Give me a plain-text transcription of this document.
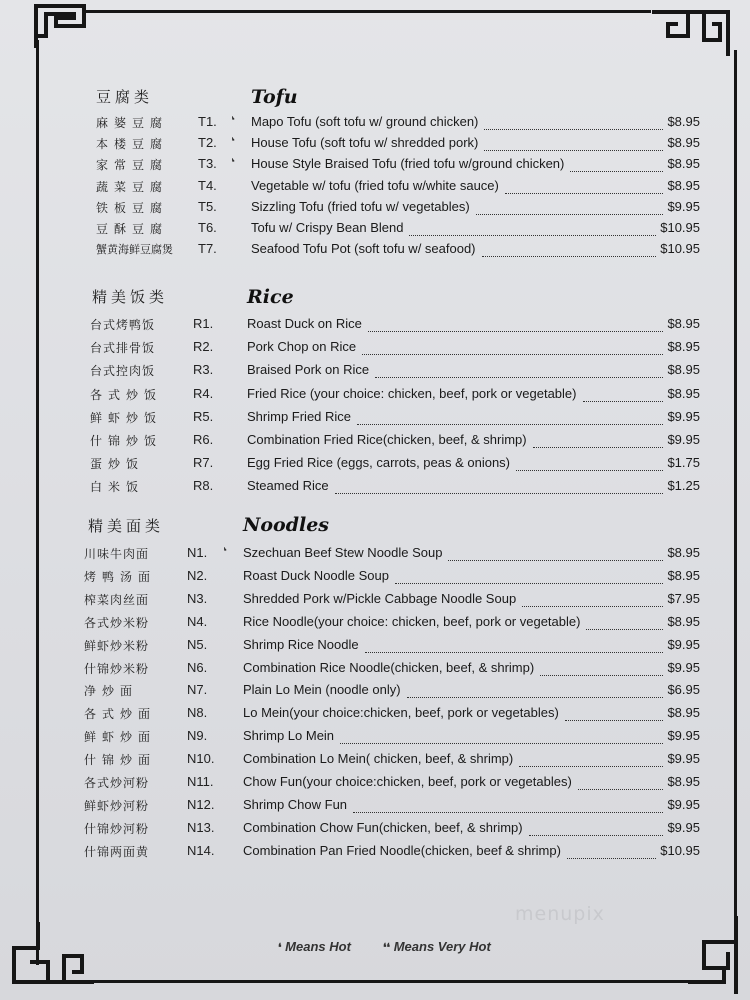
豆腐类	Tofu
麻婆豆腐 T1. ❛ Mapo Tofu (soft tofu w/ ground chicken)	$8.95
本楼豆腐 T2. ❛ House Tofu (soft tofu w/ shredded pork)	$8.95
家常豆腐 T3. ❛ House Style Braised Tofu (fried tofu w/ground chicken)	$8.95
蔬菜豆腐 T4.	Vegetable w/ tofu (fried tofu w/white sauce)	$8.95
铁板豆腐 T5.	Sizzling Tofu (fried tofu w/ vegetables)	$9.95
豆酥豆腐 T6.	Tofu w/ Crispy Bean Blend	$10.95
蟹黄海鲜豆腐煲 T7.	Seafood Tofu Pot (soft tofu w/ seafood)	$10.95
精美饭类	Rice
台式烤鸭饭	R1.	Roast Duck on Rice	$8.95
台式排骨饭	R2.	Pork Chop on Rice	$8.95
台式控肉饭	R3.	Braised Pork on Rice	$8.95
各式炒饭 R4.	Fried Rice (your choice: chicken, beef, pork or vegetable)	$8.95
鲜虾炒饭 R5.	Shrimp Fried Rice	$9.95
什锦炒饭 R6.	Combination Fried Rice(chicken, beef, & shrimp)	$9.95
蛋炒饭	R7.	Egg Fried Rice (eggs, carrots, peas & onions)	$1.75
白米饭	R8.	Steamed Rice	$1.25
精美面类	Noodles
川味牛肉面	N1. ❛ Szechuan Beef Stew Noodle Soup	$8.95
烤鸭汤面 N2.	Roast Duck Noodle Soup	$8.95
榨菜肉丝面	N3.	Shredded Pork w/Pickle Cabbage Noodle Soup	$7.95
各式炒米粉	N4.	Rice Noodle(your choice: chicken, beef, pork or vegetable)	$8.95
鲜虾炒米粉	N5.	Shrimp Rice Noodle	$9.95
什锦炒米粉	N6.	Combination Rice Noodle(chicken, beef, & shrimp)	$9.95
净炒面	N7.	Plain Lo Mein (noodle only)	$6.95
各式炒面 N8.	Lo Mein(your choice:chicken, beef, pork or vegetables)	$8.95
鲜虾炒面 N9.	Shrimp Lo Mein	$9.95
什锦炒面 N10. Combination Lo Mein( chicken, beef, & shrimp)	$9.95
各式炒河粉	N11. Chow Fun(your choice:chicken, beef, pork or vegetables)	$8.95
鲜虾炒河粉	N12. Shrimp Chow Fun	$9.95
什锦炒河粉	N13. Combination Chow Fun(chicken, beef, & shrimp)	$9.95
什锦两面黄	N14. Combination Pan Fried Noodle(chicken, beef & shrimp)	$10.95
menupix
❛ Means Hot	❛❛ Means Very Hot
